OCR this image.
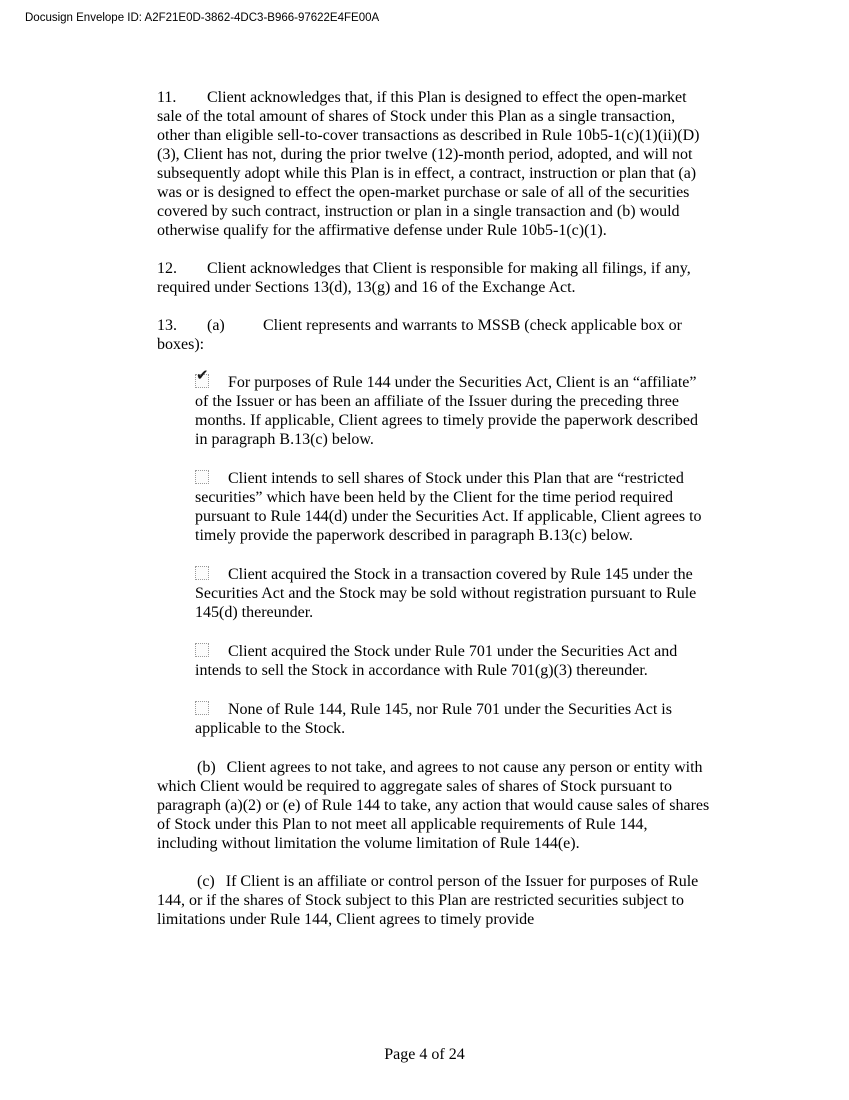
Docusign Envelope ID: A2F21E0D-3862-4DC3-B966-97622E4FE00A
11. Client acknowledges that, if this Plan is designed to effect the open-market sale of the total amount of shares of Stock under this Plan as a single transaction, other than eligible sell-to-cover transactions as described in Rule 10b5-1(c)(1)(ii)(D)(3), Client has not, during the prior twelve (12)-month period, adopted, and will not subsequently adopt while this Plan is in effect, a contract, instruction or plan that (a) was or is designed to effect the open-market purchase or sale of all of the securities covered by such contract, instruction or plan in a single transaction and (b) would otherwise qualify for the affirmative defense under Rule 10b5-1(c)(1).
12. Client acknowledges that Client is responsible for making all filings, if any, required under Sections 13(d), 13(g) and 16 of the Exchange Act.
13. (a) Client represents and warrants to MSSB (check applicable box or boxes):
✔ For purposes of Rule 144 under the Securities Act, Client is an “affiliate” of the Issuer or has been an affiliate of the Issuer during the preceding three months. If applicable, Client agrees to timely provide the paperwork described in paragraph B.13(c) below.
Client intends to sell shares of Stock under this Plan that are “restricted securities” which have been held by the Client for the time period required pursuant to Rule 144(d) under the Securities Act. If applicable, Client agrees to timely provide the paperwork described in paragraph B.13(c) below.
Client acquired the Stock in a transaction covered by Rule 145 under the Securities Act and the Stock may be sold without registration pursuant to Rule 145(d) thereunder.
Client acquired the Stock under Rule 701 under the Securities Act and intends to sell the Stock in accordance with Rule 701(g)(3) thereunder.
None of Rule 144, Rule 145, nor Rule 701 under the Securities Act is applicable to the Stock.
(b) Client agrees to not take, and agrees to not cause any person or entity with which Client would be required to aggregate sales of shares of Stock pursuant to paragraph (a)(2) or (e) of Rule 144 to take, any action that would cause sales of shares of Stock under this Plan to not meet all applicable requirements of Rule 144, including without limitation the volume limitation of Rule 144(e).
(c) If Client is an affiliate or control person of the Issuer for purposes of Rule 144, or if the shares of Stock subject to this Plan are restricted securities subject to limitations under Rule 144, Client agrees to timely provide
Page 4 of 24
